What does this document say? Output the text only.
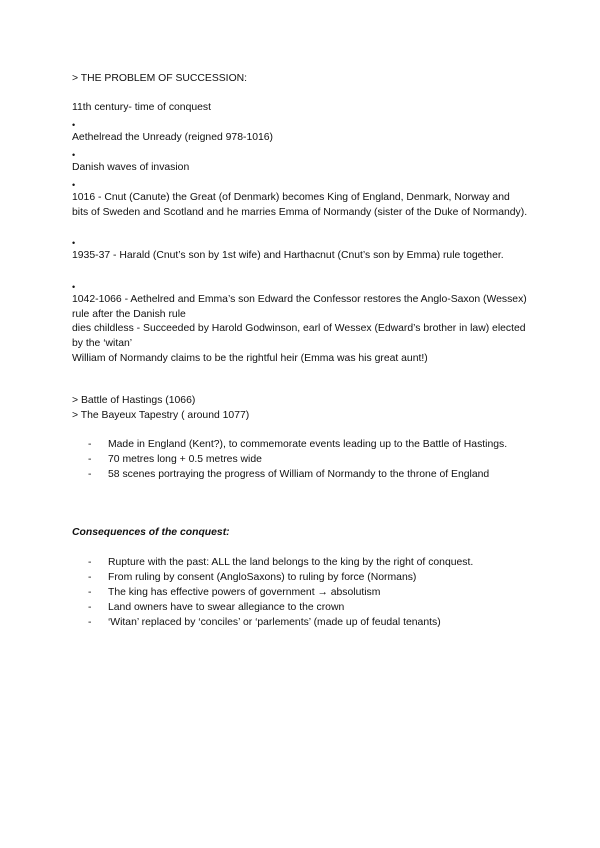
> THE PROBLEM OF SUCCESSION:

11th century- time of conquest

•

Aethelread the Unready (reigned 978-1016)

•

Danish waves of invasion

•

1016 - Cnut (Canute) the Great (of Denmark) becomes King of England, Denmark, Norway and bits of Sweden and Scotland and he marries Emma of Normandy (sister of the Duke of Normandy).

•

1935-37 - Harald (Cnut’s son by 1st wife) and Harthacnut (Cnut’s son by Emma) rule together.

•

1042-1066 - Aethelred and Emma’s son Edward the Confessor restores the Anglo-Saxon (Wessex) rule after the Danish rule

dies childless - Succeeded by Harold Godwinson, earl of Wessex (Edward’s brother in law) elected by the ‘witan’

William of Normandy claims to be the rightful heir (Emma was his great aunt!)

> Battle of Hastings (1066)

> The Bayeux Tapestry ( around 1077)

- Made in England (Kent?), to commemorate events leading up to the Battle of Hastings.
- 70 metres long + 0.5 metres wide
- 58 scenes portraying the progress of William of Normandy to the throne of England

Consequences of the conquest:

- Rupture with the past: ALL the land belongs to the king by the right of conquest.
- From ruling by consent (AngloSaxons) to ruling by force (Normans)
- The king has effective powers of government → absolutism
- Land owners have to swear allegiance to the crown
- ‘Witan’ replaced by ‘conciles’ or ‘parlements’ (made up of feudal tenants)
